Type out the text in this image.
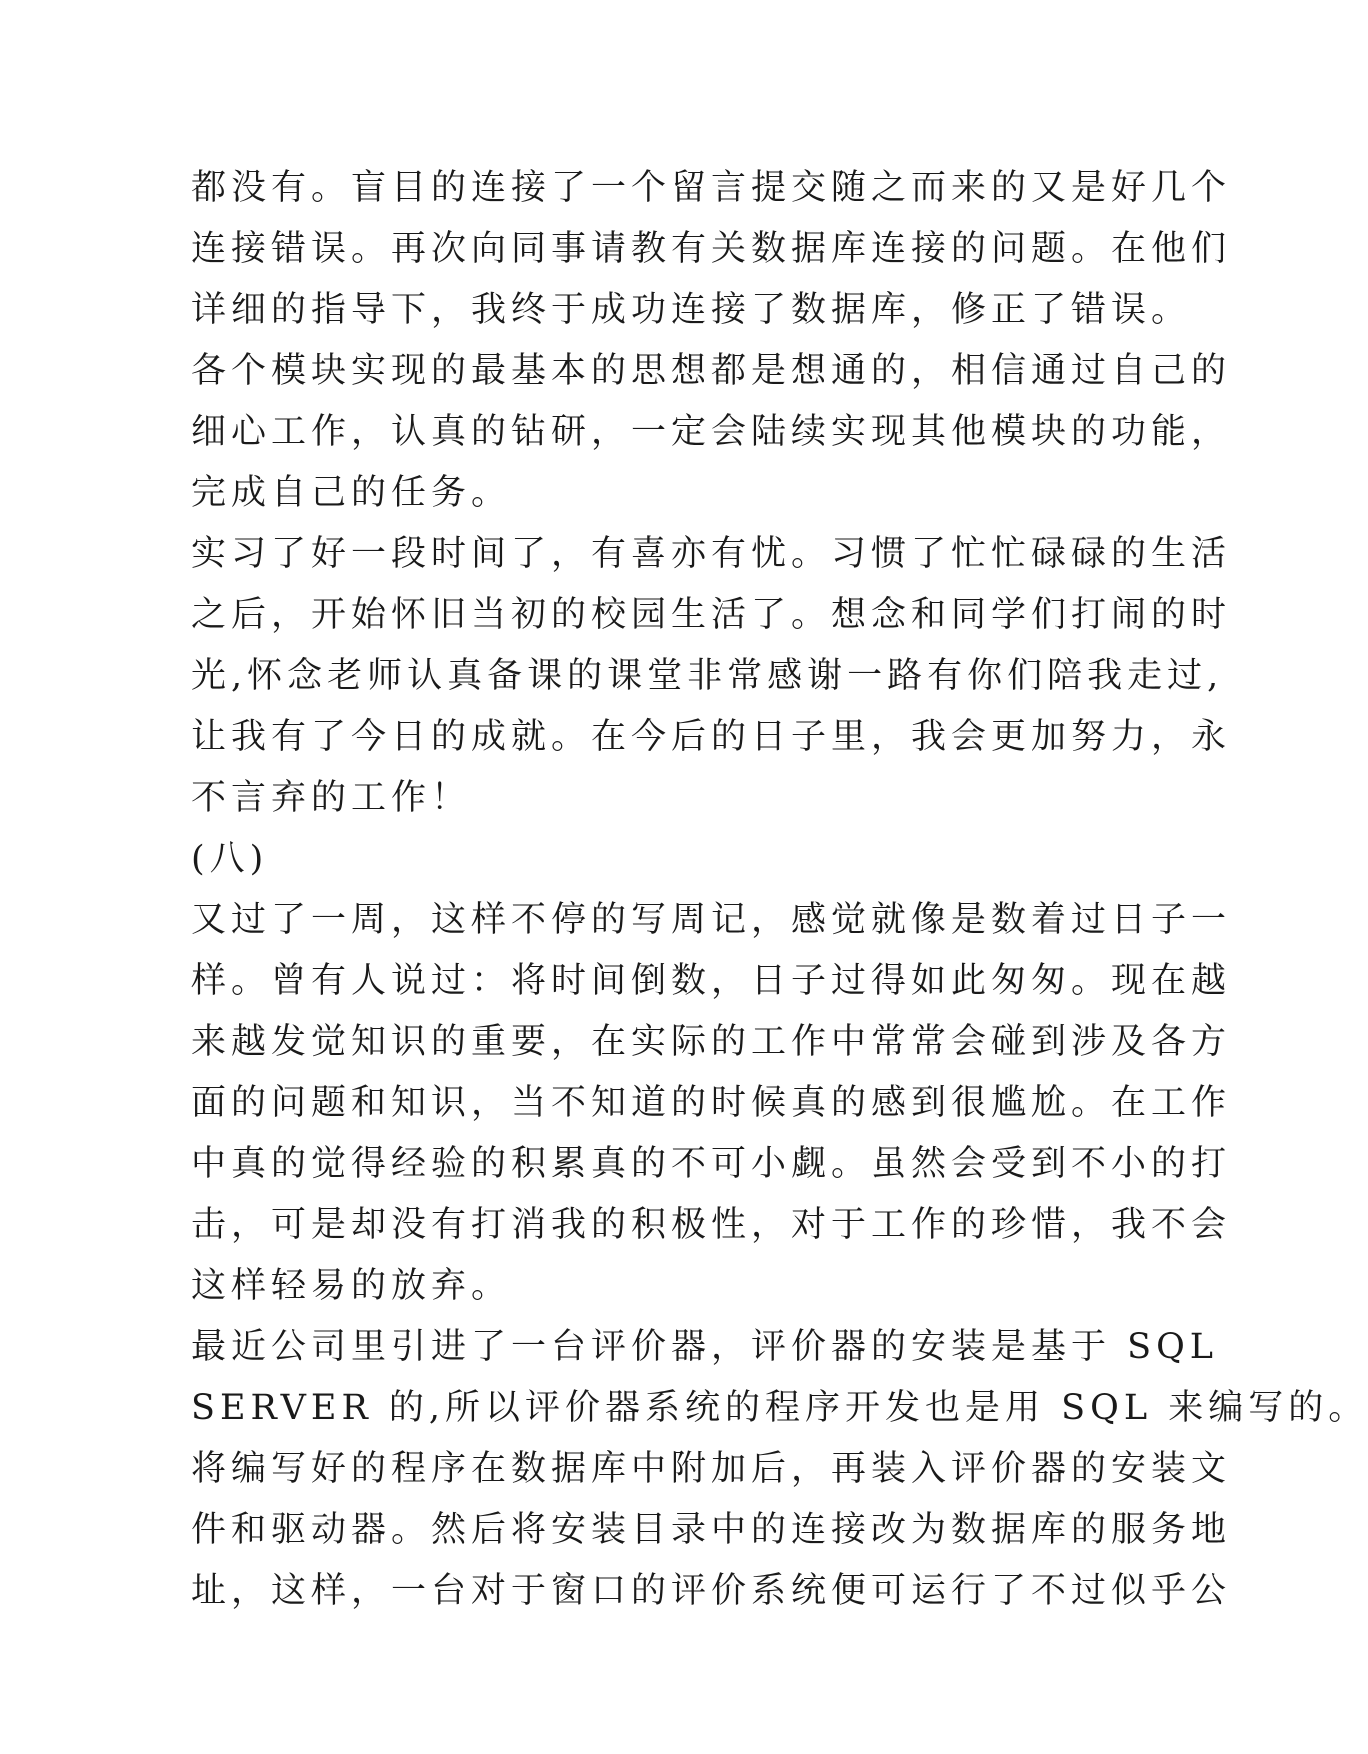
都没有。盲目的连接了一个留言提交随之而来的又是好几个
连接错误。再次向同事请教有关数据库连接的问题。在他们
详细的指导下，我终于成功连接了数据库，修正了错误。
各个模块实现的最基本的思想都是想通的，相信通过自己的
细心工作，认真的钻研，一定会陆续实现其他模块的功能，
完成自己的任务。
实习了好一段时间了，有喜亦有忧。习惯了忙忙碌碌的生活
之后，开始怀旧当初的校园生活了。想念和同学们打闹的时
光,怀念老师认真备课的课堂非常感谢一路有你们陪我走过,
让我有了今日的成就。在今后的日子里，我会更加努力，永
不言弃的工作！
(八)
又过了一周，这样不停的写周记，感觉就像是数着过日子一
样。曾有人说过：将时间倒数，日子过得如此匆匆。现在越
来越发觉知识的重要，在实际的工作中常常会碰到涉及各方
面的问题和知识，当不知道的时候真的感到很尴尬。在工作
中真的觉得经验的积累真的不可小觑。虽然会受到不小的打
击，可是却没有打消我的积极性，对于工作的珍惜，我不会
这样轻易的放弃。
最近公司里引进了一台评价器，评价器的安装是基于 SQL
SERVER 的,所以评价器系统的程序开发也是用 SQL 来编写的。
将编写好的程序在数据库中附加后，再装入评价器的安装文
件和驱动器。然后将安装目录中的连接改为数据库的服务地
址，这样，一台对于窗口的评价系统便可运行了不过似乎公
